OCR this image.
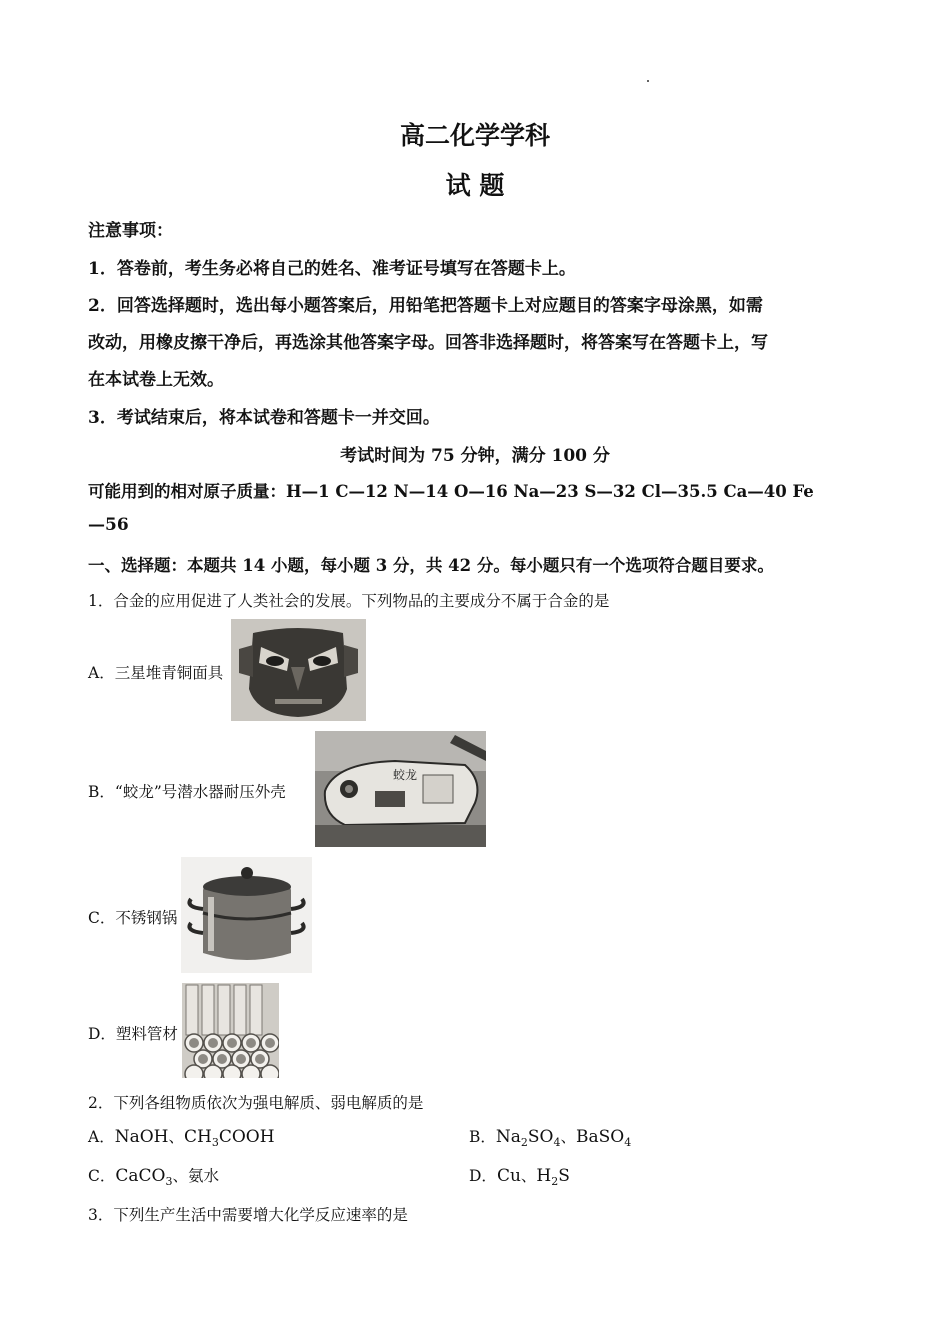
高二化学学科
试 题
注意事项：
1．答卷前，考生务必将自己的姓名、准考证号填写在答题卡上。
2．回答选择题时，选出每小题答案后，用铅笔把答题卡上对应题目的答案字母涂黑，如需
改动，用橡皮擦干净后，再选涂其他答案字母。回答非选择题时，将答案写在答题卡上，写
在本试卷上无效。
3．考试结束后，将本试卷和答题卡一并交回。
考试时间为 75 分钟，满分 100 分
可能用到的相对原子质量：H—1 C—12 N—14 O—16 Na—23 S—32 Cl—35.5 Ca—40 Fe
—56
一、选择题：本题共 14 小题，每小题 3 分，共 42 分。每小题只有一个选项符合题目要求。
1．合金的应用促进了人类社会的发展。下列物品的主要成分不属于合金的是
A．三星堆青铜面具
B．“蛟龙”号潜水器耐压外壳
蛟龙
C．不锈钢锅
D．塑料管材
2．下列各组物质依次为强电解质、弱电解质的是
A．NaOH、$CH_3COOH$	B．$Na_2SO_4$、BaSO$_4$
C．CaCO$_3$、氨水	D．Cu、$H_2S$
3．下列生产生活中需要增大化学反应速率的是
